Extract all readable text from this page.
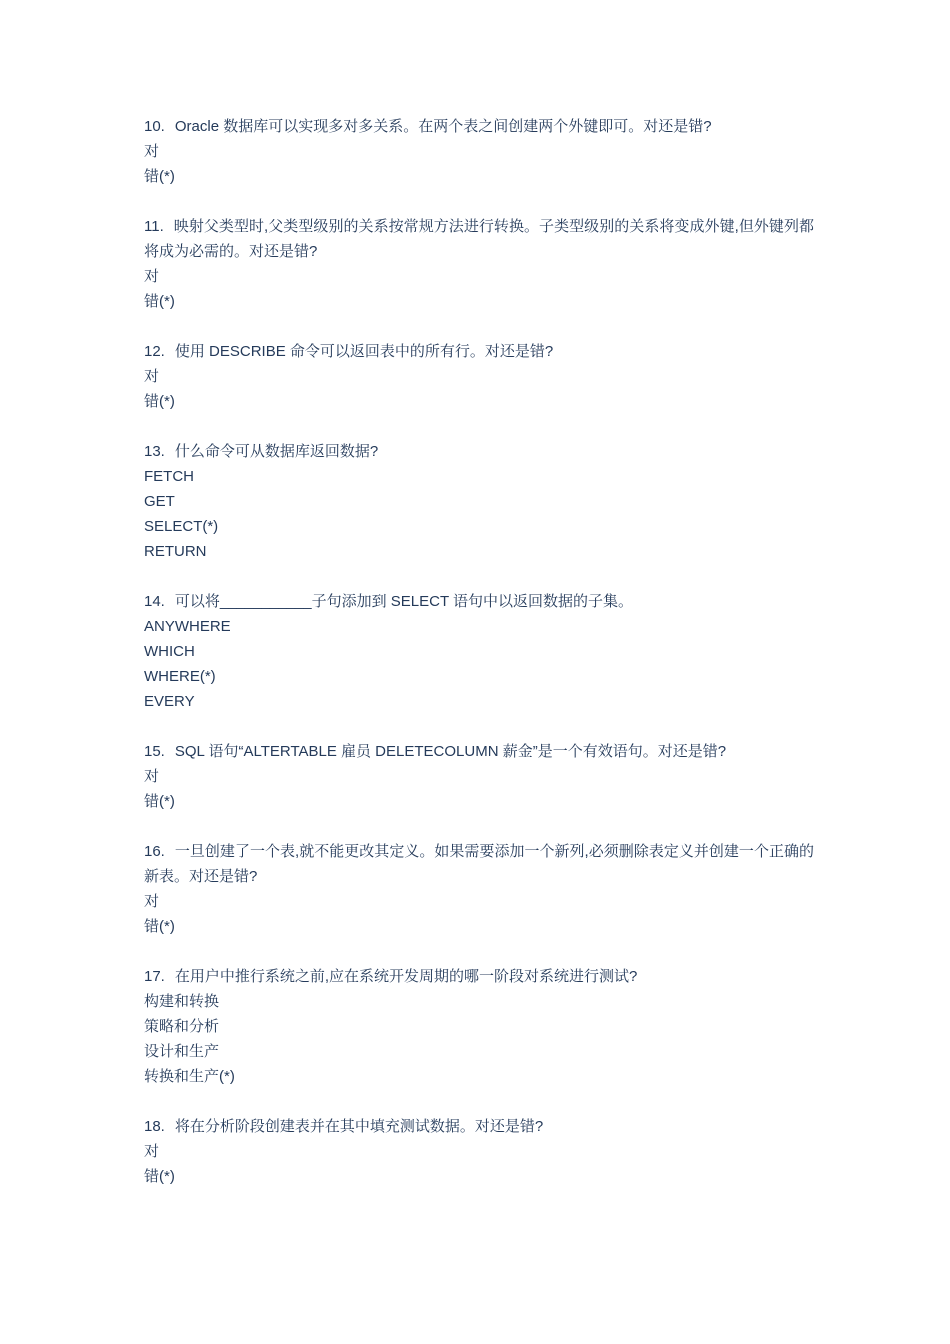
10. Oracle 数据库可以实现多对多关系。在两个表之间创建两个外键即可。对还是错?

对

错(*)

11. 映射父类型时,父类型级别的关系按常规方法进行转换。子类型级别的关系将变成外键,但外键列都将成为必需的。对还是错?

对

错(*)

12. 使用 DESCRIBE 命令可以返回表中的所有行。对还是错?

对

错(*)

13. 什么命令可从数据库返回数据?

FETCH

GET

SELECT(*)

RETURN

14. 可以将___________子句添加到 SELECT 语句中以返回数据的子集。

ANYWHERE

WHICH

WHERE(*)

EVERY

15. SQL 语句“ALTERTABLE 雇员 DELETECOLUMN 薪金”是一个有效语句。对还是错?

对

错(*)

16. 一旦创建了一个表,就不能更改其定义。如果需要添加一个新列,必须删除表定义并创建一个正确的新表。对还是错?

对

错(*)

17. 在用户中推行系统之前,应在系统开发周期的哪一阶段对系统进行测试?

构建和转换

策略和分析

设计和生产

转换和生产(*)

18. 将在分析阶段创建表并在其中填充测试数据。对还是错?

对

错(*)
